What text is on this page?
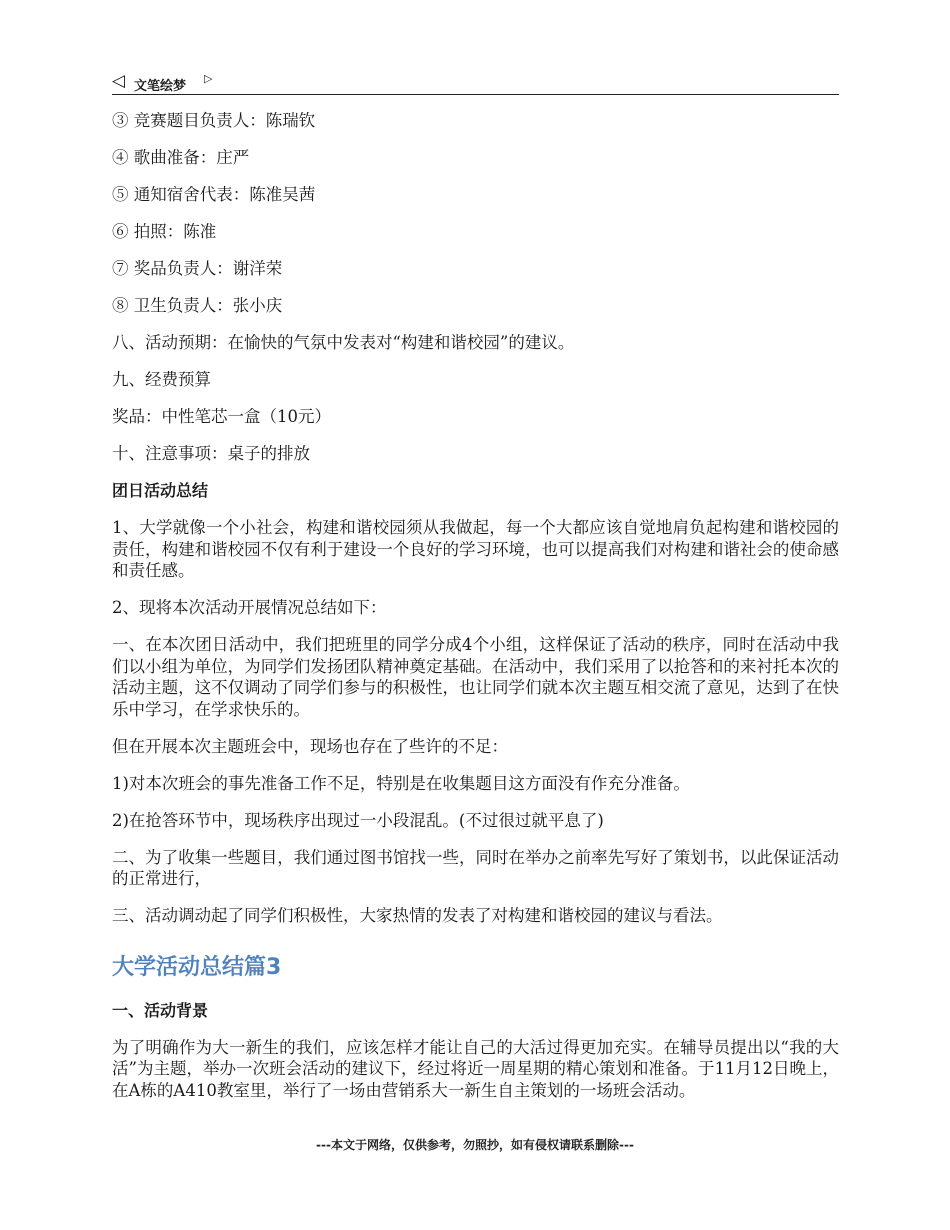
◁ 文笔绘梦
▷

③ 竞赛题目负责人：陈瑞钦

④ 歌曲准备：庄严

⑤ 通知宿舍代表：陈准吴茜

⑥ 拍照：陈准

⑦ 奖品负责人：谢洋荣

⑧ 卫生负责人：张小庆

八、活动预期：在愉快的气氛中发表对“构建和谐校园”的建议。

九、经费预算

奖品：中性笔芯一盒（10元）

十、注意事项：桌子的排放

团日活动总结

1、大学就像一个小社会，构建和谐校园须从我做起，每一个大都应该自觉地肩负起构建和谐校园的责任，构建和谐校园不仅有利于建设一个良好的学习环境，也可以提高我们对构建和谐社会的使命感和责任感。

2、现将本次活动开展情况总结如下：

一、在本次团日活动中，我们把班里的同学分成4个小组，这样保证了活动的秩序，同时在活动中我们以小组为单位，为同学们发扬团队精神奠定基础。在活动中，我们采用了以抢答和的来衬托本次的活动主题，这不仅调动了同学们参与的积极性，也让同学们就本次主题互相交流了意见，达到了在快乐中学习，在学求快乐的。

但在开展本次主题班会中，现场也存在了些许的不足：

1)对本次班会的事先准备工作不足，特别是在收集题目这方面没有作充分准备。

2)在抢答环节中，现场秩序出现过一小段混乱。(不过很过就平息了)

二、为了收集一些题目，我们通过图书馆找一些，同时在举办之前率先写好了策划书，以此保证活动的正常进行，

三、活动调动起了同学们积极性，大家热情的发表了对构建和谐校园的建议与看法。

大学活动总结篇3

一、活动背景

为了明确作为大一新生的我们，应该怎样才能让自己的大活过得更加充实。在辅导员提出以“我的大活”为主题，举办一次班会活动的建议下，经过将近一周星期的精心策划和准备。于11月12日晚上，在A栋的A410教室里，举行了一场由营销系大一新生自主策划的一场班会活动。

---本文于网络，仅供参考，勿照抄，如有侵权请联系删除---
